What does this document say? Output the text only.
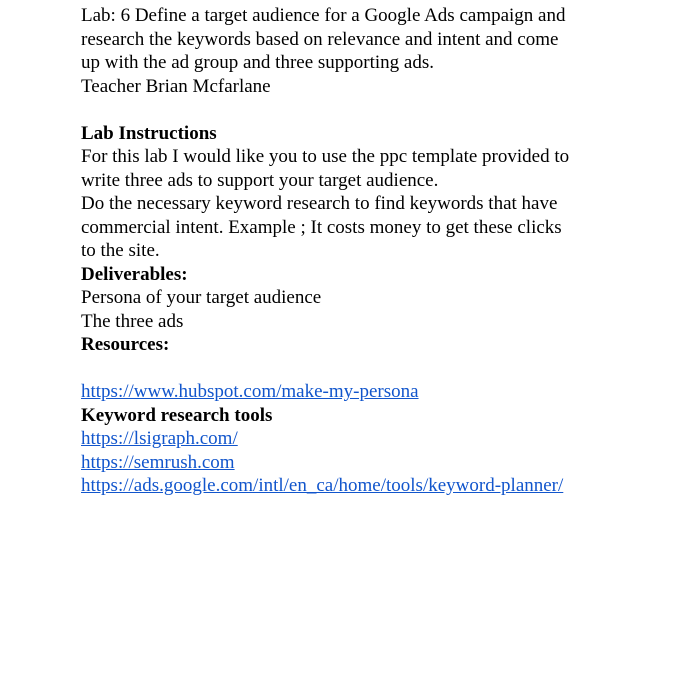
Lab: 6 Define a target audience for a Google Ads campaign and
research the keywords based on relevance and intent and come
up with the ad group and three supporting ads.
Teacher Brian Mcfarlane
Lab Instructions
For this lab I would like you to use the ppc template provided to
write three ads to support your target audience.
Do the necessary keyword research to find keywords that have
commercial intent. Example ; It costs money to get these clicks
to the site.
Deliverables:
Persona of your target audience
The three ads
Resources:
https://www.hubspot.com/make-my-persona
Keyword research tools
https://lsigraph.com/
https://semrush.com
https://ads.google.com/intl/en_ca/home/tools/keyword-planner/
